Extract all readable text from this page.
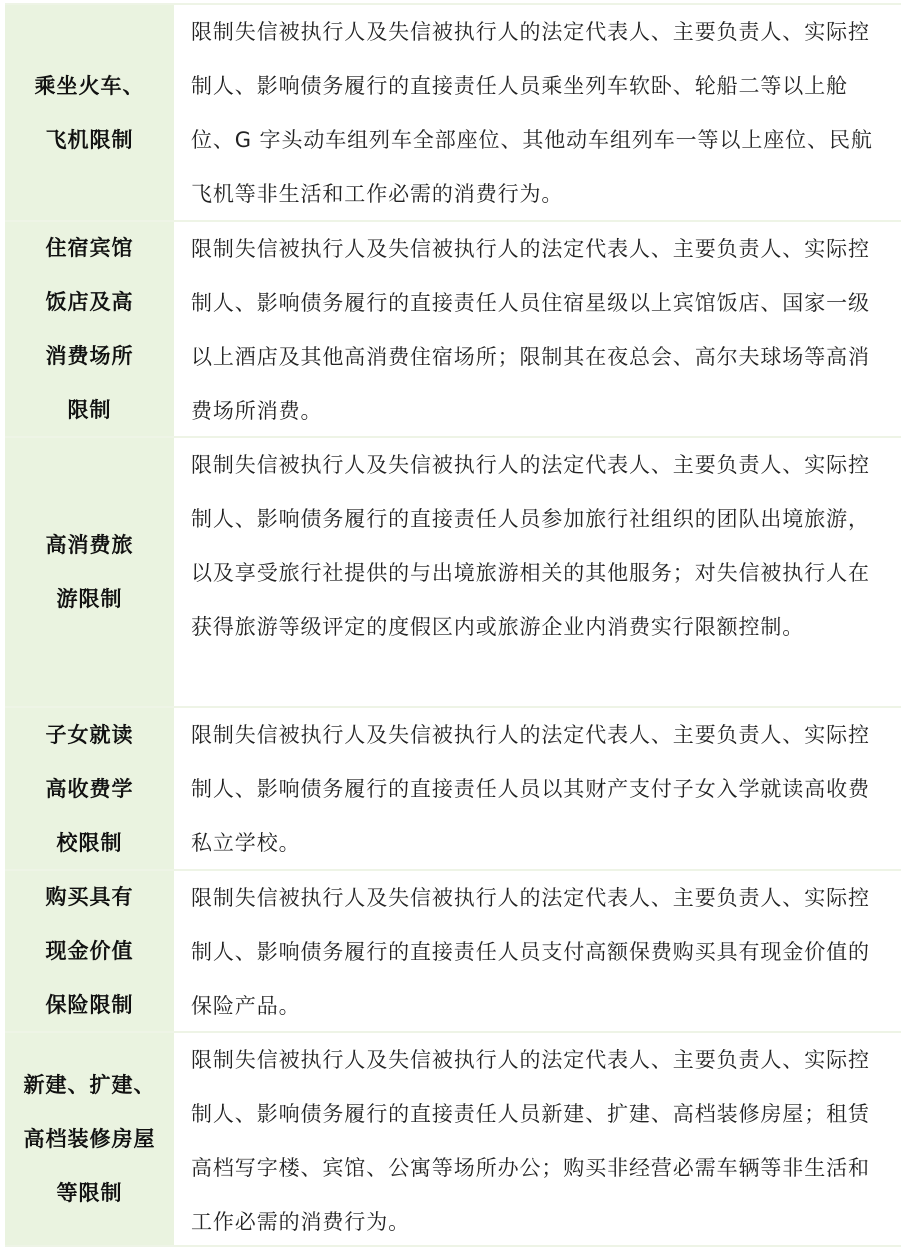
乘坐火车、飞机限制
限制失信被执行人及失信被执行人的法定代表人、主要负责人、实际控制人、影响债务履行的直接责任人员乘坐列车软卧、轮船二等以上舱位、G 字头动车组列车全部座位、其他动车组列车一等以上座位、民航飞机等非生活和工作必需的消费行为。
住宿宾馆饭店及高消费场所限制
限制失信被执行人及失信被执行人的法定代表人、主要负责人、实际控制人、影响债务履行的直接责任人员住宿星级以上宾馆饭店、国家一级以上酒店及其他高消费住宿场所；限制其在夜总会、高尔夫球场等高消费场所消费。
高消费旅游限制
限制失信被执行人及失信被执行人的法定代表人、主要负责人、实际控制人、影响债务履行的直接责任人员参加旅行社组织的团队出境旅游，以及享受旅行社提供的与出境旅游相关的其他服务；对失信被执行人在获得旅游等级评定的度假区内或旅游企业内消费实行限额控制。
子女就读高收费学校限制
限制失信被执行人及失信被执行人的法定代表人、主要负责人、实际控制人、影响债务履行的直接责任人员以其财产支付子女入学就读高收费私立学校。
购买具有现金价值保险限制
限制失信被执行人及失信被执行人的法定代表人、主要负责人、实际控制人、影响债务履行的直接责任人员支付高额保费购买具有现金价值的保险产品。
新建、扩建、高档装修房屋等限制
限制失信被执行人及失信被执行人的法定代表人、主要负责人、实际控制人、影响债务履行的直接责任人员新建、扩建、高档装修房屋；租赁高档写字楼、宾馆、公寓等场所办公；购买非经营必需车辆等非生活和工作必需的消费行为。
